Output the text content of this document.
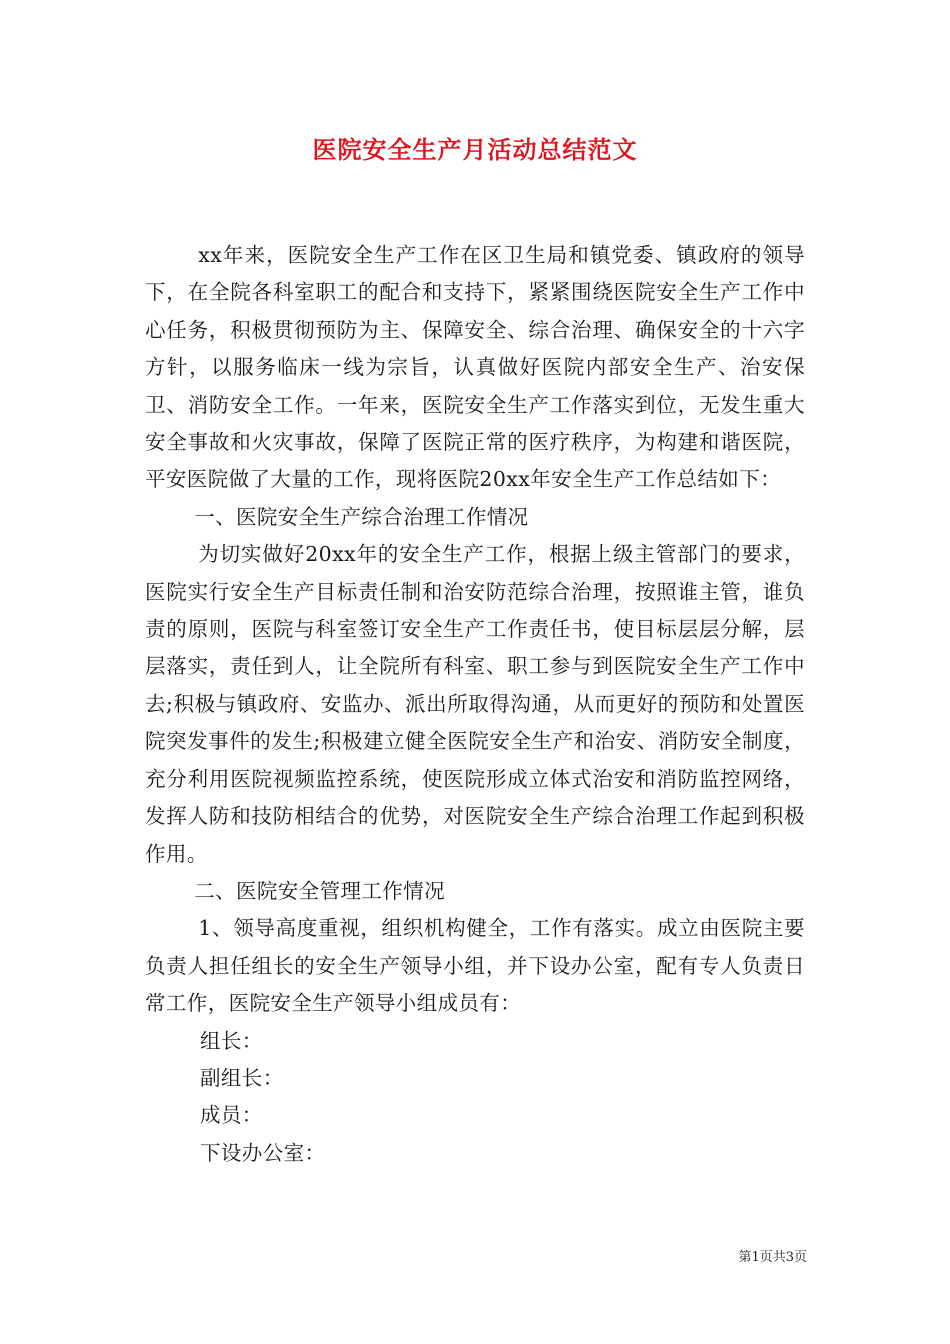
医院安全生产月活动总结范文

xx年来，医院安全生产工作在区卫生局和镇党委、镇政府的领导下，在全院各科室职工的配合和支持下，紧紧围绕医院安全生产工作中心任务，积极贯彻预防为主、保障安全、综合治理、确保安全的十六字方针，以服务临床一线为宗旨，认真做好医院内部安全生产、治安保卫、消防安全工作。一年来，医院安全生产工作落实到位，无发生重大安全事故和火灾事故，保障了医院正常的医疗秩序，为构建和谐医院，平安医院做了大量的工作，现将医院20xx年安全生产工作总结如下：

一、医院安全生产综合治理工作情况

为切实做好20xx年的安全生产工作，根据上级主管部门的要求，医院实行安全生产目标责任制和治安防范综合治理，按照谁主管，谁负责的原则，医院与科室签订安全生产工作责任书，使目标层层分解，层层落实，责任到人，让全院所有科室、职工参与到医院安全生产工作中去;积极与镇政府、安监办、派出所取得沟通，从而更好的预防和处置医院突发事件的发生;积极建立健全医院安全生产和治安、消防安全制度，充分利用医院视频监控系统，使医院形成立体式治安和消防监控网络，发挥人防和技防相结合的优势，对医院安全生产综合治理工作起到积极作用。

二、医院安全管理工作情况

1、领导高度重视，组织机构健全，工作有落实。成立由医院主要负责人担任组长的安全生产领导小组，并下设办公室，配有专人负责日常工作，医院安全生产领导小组成员有：

组长：

副组长：

成员：

下设办公室：

第1页共3页
